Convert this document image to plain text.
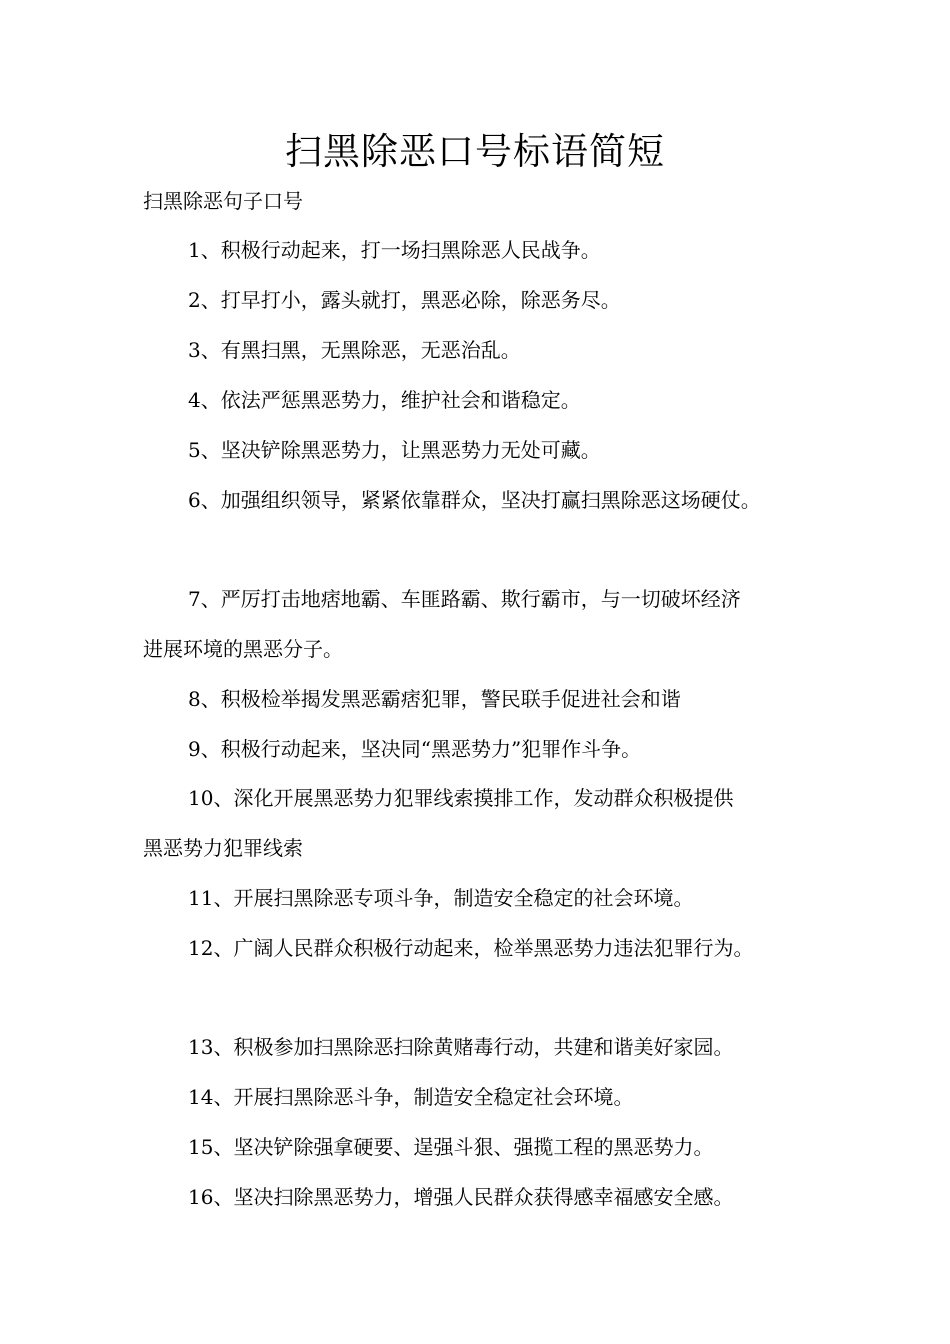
扫黑除恶口号标语简短
扫黑除恶句子口号
1、积极行动起来，打一场扫黑除恶人民战争。
2、打早打小，露头就打，黑恶必除，除恶务尽。
3、有黑扫黑，无黑除恶，无恶治乱。
4、依法严惩黑恶势力，维护社会和谐稳定。
5、坚决铲除黑恶势力，让黑恶势力无处可藏。
6、加强组织领导，紧紧依靠群众，坚决打赢扫黑除恶这场硬仗。
7、严厉打击地痞地霸、车匪路霸、欺行霸市，与一切破坏经济
进展环境的黑恶分子。
8、积极检举揭发黑恶霸痞犯罪，警民联手促进社会和谐
9、积极行动起来，坚决同“黑恶势力”犯罪作斗争。
10、深化开展黑恶势力犯罪线索摸排工作，发动群众积极提供
黑恶势力犯罪线索
11、开展扫黑除恶专项斗争，制造安全稳定的社会环境。
12、广阔人民群众积极行动起来，检举黑恶势力违法犯罪行为。
13、积极参加扫黑除恶扫除黄赌毒行动，共建和谐美好家园。
14、开展扫黑除恶斗争，制造安全稳定社会环境。
15、坚决铲除强拿硬要、逞强斗狠、强揽工程的黑恶势力。
16、坚决扫除黑恶势力，增强人民群众获得感幸福感安全感。
